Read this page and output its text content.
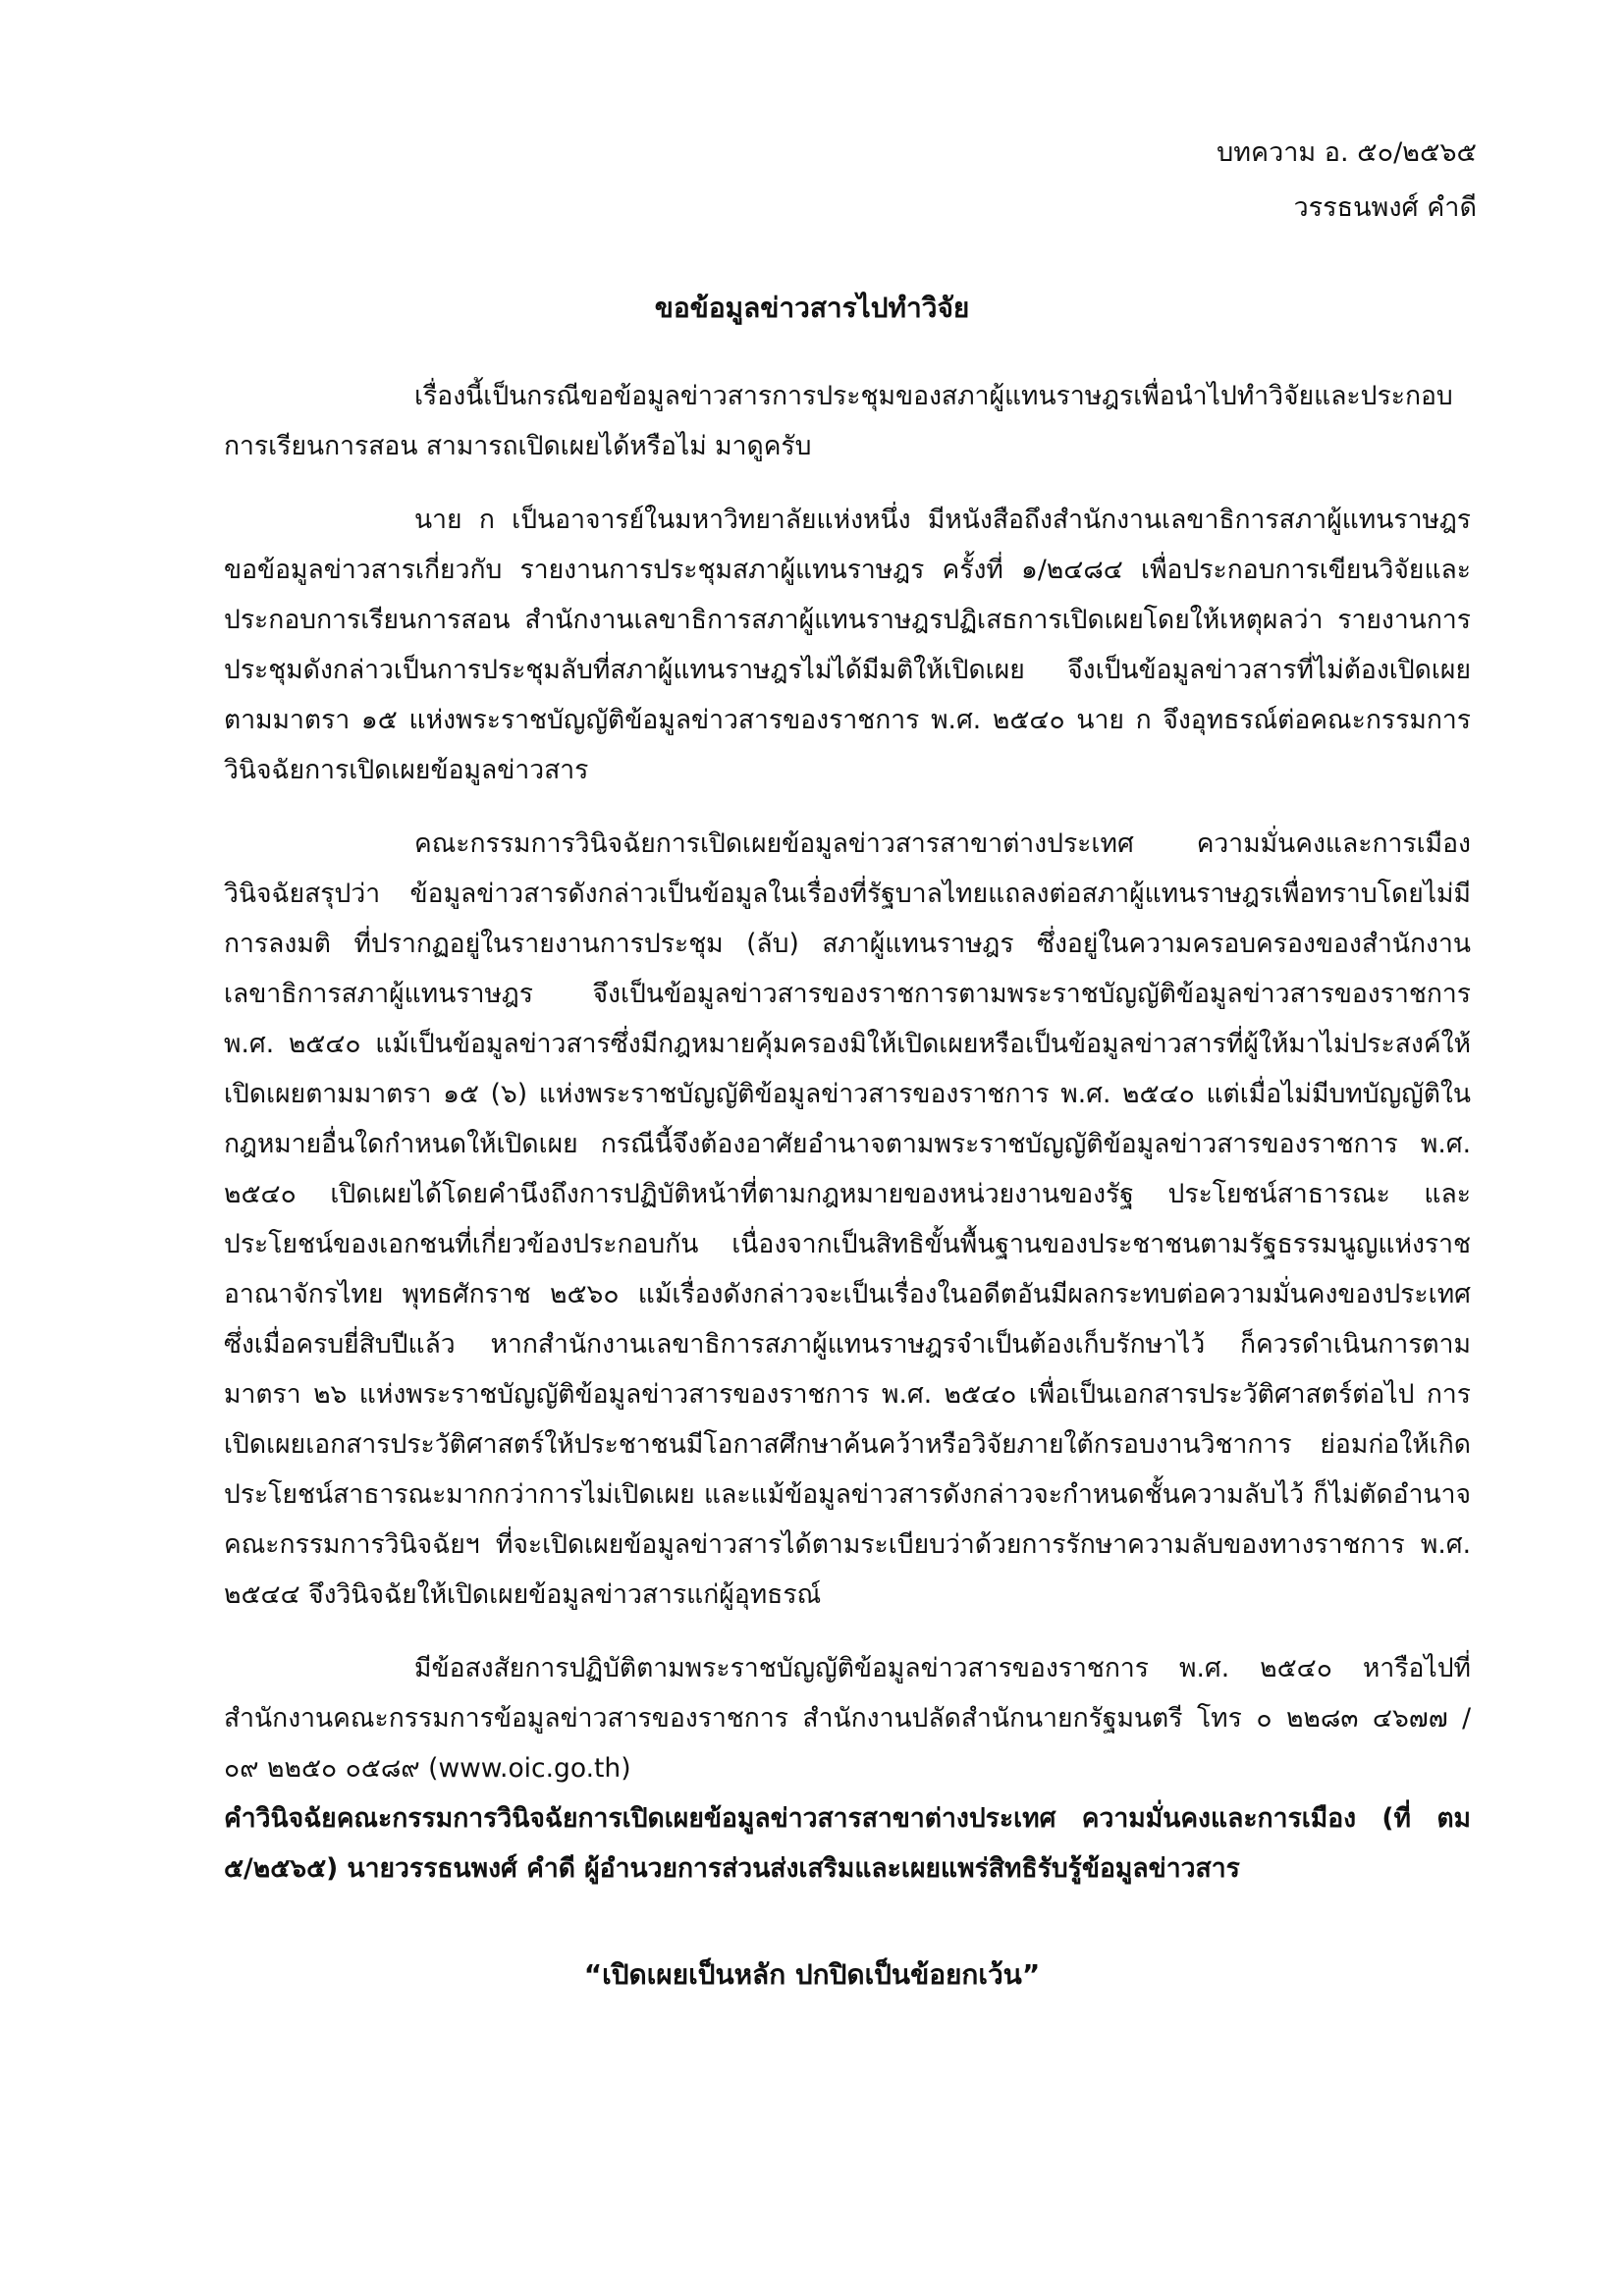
บทความ อ. ๕๐/๒๕๖๕
วรรธนพงศ์ คำดี
ขอข้อมูลข่าวสารไปทำวิจัย

เรื่องนี้เป็นกรณีขอข้อมูลข่าวสารการประชุมของสภาผู้แทนราษฎรเพื่อนำไปทำวิจัยและประกอบการเรียนการสอน สามารถเปิดเผยได้หรือไม่ มาดูครับ

นาย ก เป็นอาจารย์ในมหาวิทยาลัยแห่งหนึ่ง มีหนังสือถึงสำนักงานเลขาธิการสภาผู้แทนราษฎร ขอข้อมูลข่าวสารเกี่ยวกับ รายงานการประชุมสภาผู้แทนราษฎร ครั้งที่ ๑/๒๔๘๔ เพื่อประกอบการเขียนวิจัยและประกอบการเรียนการสอน สำนักงานเลขาธิการสภาผู้แทนราษฎรปฏิเสธการเปิดเผยโดยให้เหตุผลว่า รายงานการประชุมดังกล่าวเป็นการประชุมลับที่สภาผู้แทนราษฎรไม่ได้มีมติให้เปิดเผย จึงเป็นข้อมูลข่าวสารที่ไม่ต้องเปิดเผยตามมาตรา ๑๕ แห่งพระราชบัญญัติข้อมูลข่าวสารของราชการ พ.ศ. ๒๕๔๐ นาย ก จึงอุทธรณ์ต่อคณะกรรมการวินิจฉัยการเปิดเผยข้อมูลข่าวสาร

คณะกรรมการวินิจฉัยการเปิดเผยข้อมูลข่าวสารสาขาต่างประเทศ ความมั่นคงและการเมือง วินิจฉัยสรุปว่า ข้อมูลข่าวสารดังกล่าวเป็นข้อมูลในเรื่องที่รัฐบาลไทยแถลงต่อสภาผู้แทนราษฎรเพื่อทราบโดยไม่มีการลงมติ ที่ปรากฏอยู่ในรายงานการประชุม (ลับ) สภาผู้แทนราษฎร ซึ่งอยู่ในความครอบครองของสำนักงานเลขาธิการสภาผู้แทนราษฎร จึงเป็นข้อมูลข่าวสารของราชการตามพระราชบัญญัติข้อมูลข่าวสารของราชการ พ.ศ. ๒๕๔๐ แม้เป็นข้อมูลข่าวสารซึ่งมีกฎหมายคุ้มครองมิให้เปิดเผยหรือเป็นข้อมูลข่าวสารที่ผู้ให้มาไม่ประสงค์ให้เปิดเผยตามมาตรา ๑๕ (๖) แห่งพระราชบัญญัติข้อมูลข่าวสารของราชการ พ.ศ. ๒๕๔๐ แต่เมื่อไม่มีบทบัญญัติในกฎหมายอื่นใดกำหนดให้เปิดเผย กรณีนี้จึงต้องอาศัยอำนาจตามพระราชบัญญัติข้อมูลข่าวสารของราชการ พ.ศ. ๒๕๔๐ เปิดเผยได้โดยคำนึงถึงการปฏิบัติหน้าที่ตามกฎหมายของหน่วยงานของรัฐ ประโยชน์สาธารณะ และประโยชน์ของเอกชนที่เกี่ยวข้องประกอบกัน เนื่องจากเป็นสิทธิขั้นพื้นฐานของประชาชนตามรัฐธรรมนูญแห่งราชอาณาจักรไทย พุทธศักราช ๒๕๖๐ แม้เรื่องดังกล่าวจะเป็นเรื่องในอดีตอันมีผลกระทบต่อความมั่นคงของประเทศ ซึ่งเมื่อครบยี่สิบปีแล้ว หากสำนักงานเลขาธิการสภาผู้แทนราษฎรจำเป็นต้องเก็บรักษาไว้ ก็ควรดำเนินการตามมาตรา ๒๖ แห่งพระราชบัญญัติข้อมูลข่าวสารของราชการ พ.ศ. ๒๕๔๐ เพื่อเป็นเอกสารประวัติศาสตร์ต่อไป การเปิดเผยเอกสารประวัติศาสตร์ให้ประชาชนมีโอกาสศึกษาค้นคว้าหรือวิจัยภายใต้กรอบงานวิชาการ ย่อมก่อให้เกิดประโยชน์สาธารณะมากกว่าการไม่เปิดเผย และแม้ข้อมูลข่าวสารดังกล่าวจะกำหนดชั้นความลับไว้ ก็ไม่ตัดอำนาจคณะกรรมการวินิจฉัยฯ ที่จะเปิดเผยข้อมูลข่าวสารได้ตามระเบียบว่าด้วยการรักษาความลับของทางราชการ พ.ศ. ๒๕๔๔ จึงวินิจฉัยให้เปิดเผยข้อมูลข่าวสารแก่ผู้อุทธรณ์

มีข้อสงสัยการปฏิบัติตามพระราชบัญญัติข้อมูลข่าวสารของราชการ พ.ศ. ๒๕๔๐ หารือไปที่สำนักงานคณะกรรมการข้อมูลข่าวสารของราชการ สำนักงานปลัดสำนักนายกรัฐมนตรี โทร ๐ ๒๒๘๓ ๔๖๗๗ / ๐๙ ๒๒๕๐ ๐๕๘๙ (www.oic.go.th)

คำวินิจฉัยคณะกรรมการวินิจฉัยการเปิดเผยข้อมูลข่าวสารสาขาต่างประเทศ ความมั่นคงและการเมือง (ที่ ตม ๕/๒๕๖๕) นายวรรธนพงศ์ คำดี ผู้อำนวยการส่วนส่งเสริมและเผยแพร่สิทธิรับรู้ข้อมูลข่าวสาร
“เปิดเผยเป็นหลัก ปกปิดเป็นข้อยกเว้น”
